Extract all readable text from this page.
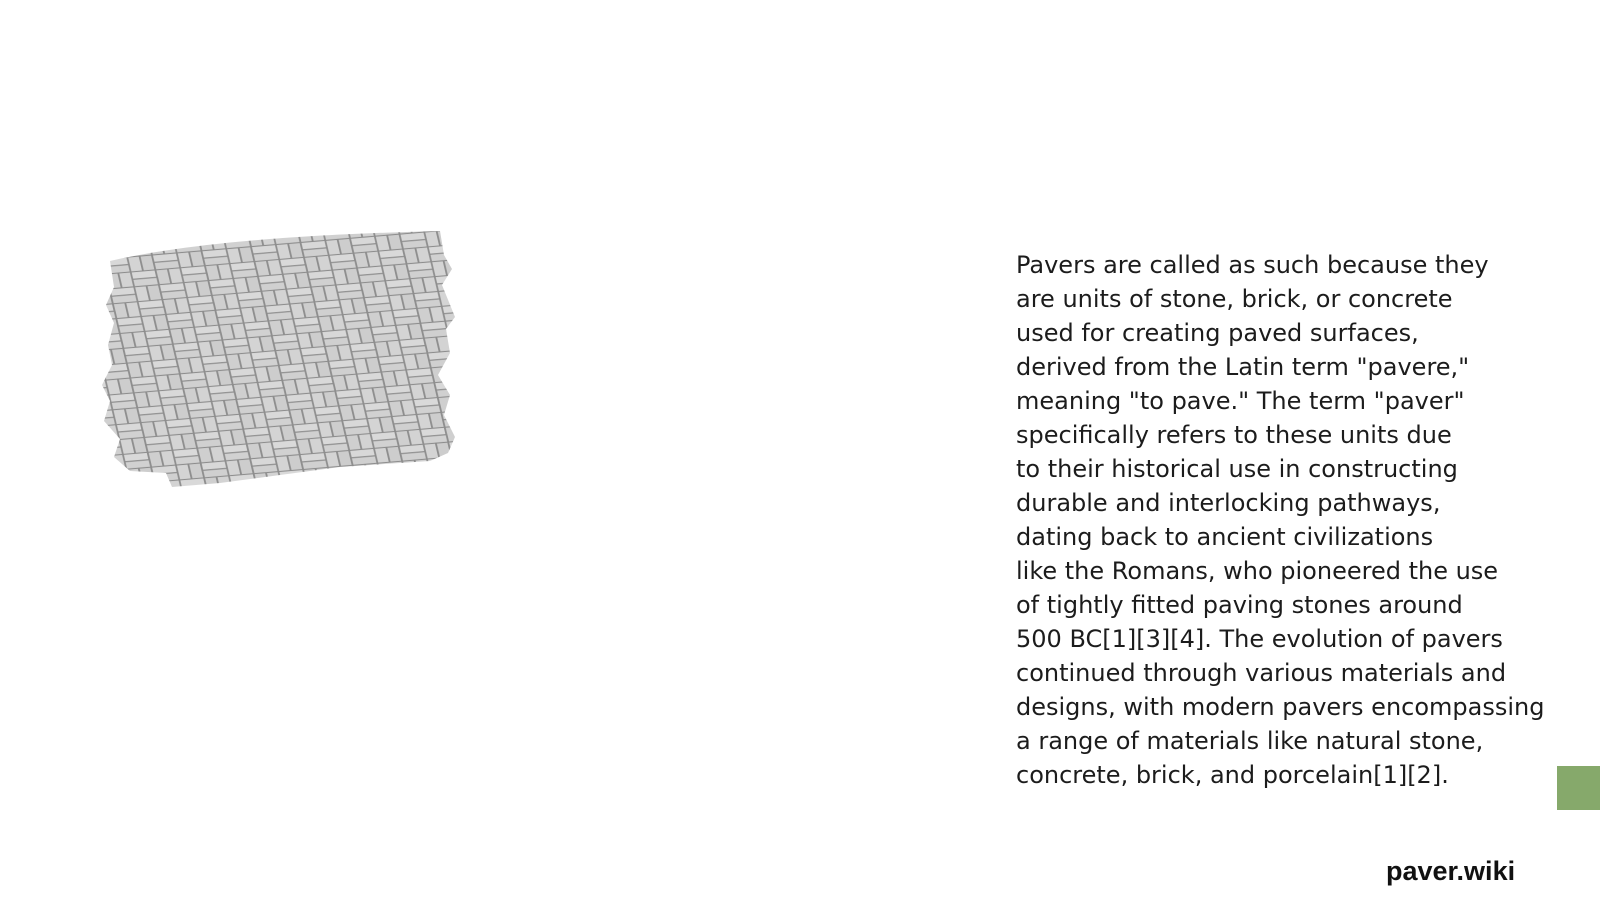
Pavers are called as such because they
are units of stone, brick, or concrete
used for creating paved surfaces,
derived from the Latin term "pavere,"
meaning "to pave." The term "paver"
specifically refers to these units due
to their historical use in constructing
durable and interlocking pathways,
dating back to ancient civilizations
like the Romans, who pioneered the use
of tightly fitted paving stones around
500 BC[1][3][4]. The evolution of pavers
continued through various materials and
designs, with modern pavers encompassing
a range of materials like natural stone,
concrete, brick, and porcelain[1][2].
paver.wiki
